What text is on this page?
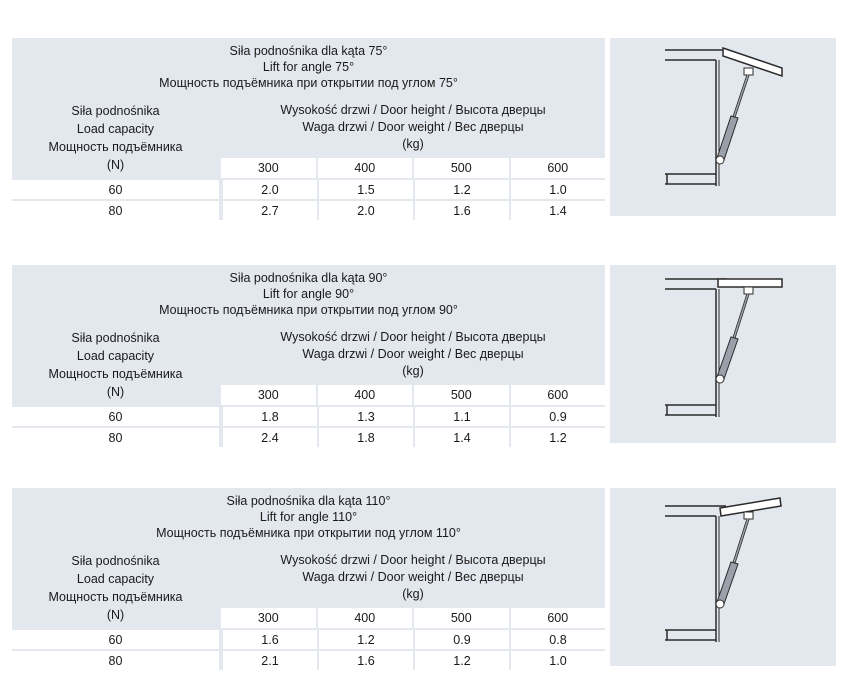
Siła podnośnika dla kąta 75°
Lift for angle 75°
Мощность подъёмника при открытии под углом 75°
Siła podnośnika
Load capacity
Мощность подъёмника
(N)
Wysokość drzwi / Door height / Высота дверцы
Waga drzwi / Door weight / Вес дверцы
(kg)
300	400	500	600
60	2.0	1.5	1.2	1.0
80	2.7	2.0	1.6	1.4
Siła podnośnika dla kąta 90°
Lift for angle 90°
Мощность подъёмника при открытии под углом 90°
Siła podnośnika
Load capacity
Мощность подъёмника
(N)
Wysokość drzwi / Door height / Высота дверцы
Waga drzwi / Door weight / Вес дверцы
(kg)
300	400	500	600
60	1.8	1.3	1.1	0.9
80	2.4	1.8	1.4	1.2
Siła podnośnika dla kąta 110°
Lift for angle 110°
Мощность подъёмника при открытии под углом 110°
Siła podnośnika
Load capacity
Мощность подъёмника
(N)
Wysokość drzwi / Door height / Высота дверцы
Waga drzwi / Door weight / Вес дверцы
(kg)
300	400	500	600
60	1.6	1.2	0.9	0.8
80	2.1	1.6	1.2	1.0
